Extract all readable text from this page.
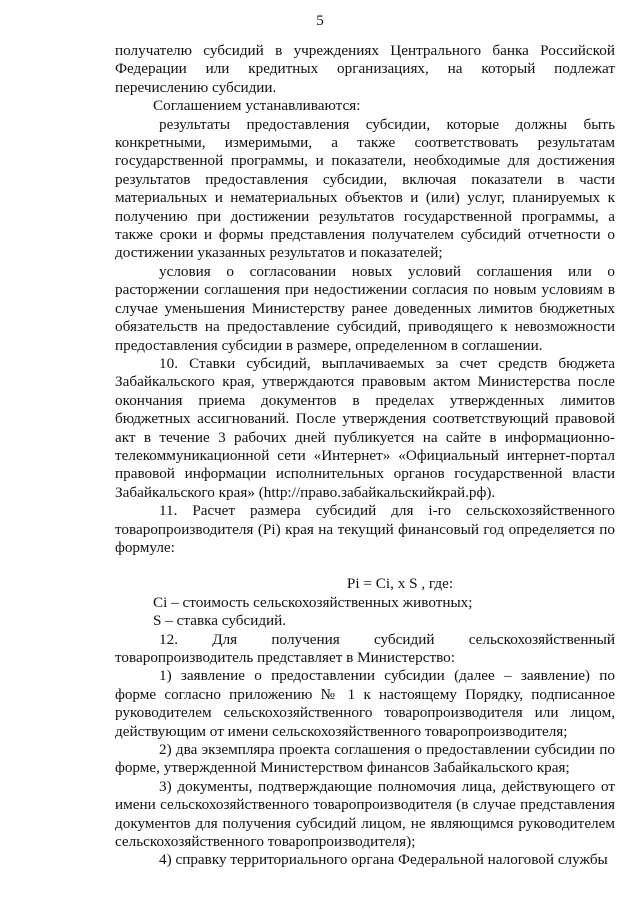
5

получателю субсидий в учреждениях Центрального банка Российской Федерации или кредитных организациях, на который подлежат перечислению субсидии.

Соглашением устанавливаются:

результаты предоставления субсидии, которые должны быть конкретными, измеримыми, а также соответствовать результатам государственной программы, и показатели, необходимые для достижения результатов предоставления субсидии, включая показатели в части материальных и нематериальных объектов и (или) услуг, планируемых к получению при достижении результатов государственной программы, а также сроки и формы представления получателем субсидий отчетности о достижении указанных результатов и показателей;

условия о согласовании новых условий соглашения или о расторжении соглашения при недостижении согласия по новым условиям в случае уменьшения Министерству ранее доведенных лимитов бюджетных обязательств на предоставление субсидий, приводящего к невозможности предоставления субсидии в размере, определенном в соглашении.

10. Ставки субсидий, выплачиваемых за счет средств бюджета Забайкальского края, утверждаются правовым актом Министерства после окончания приема документов в пределах утвержденных лимитов бюджетных ассигнований. После утверждения соответствующий правовой акт в течение 3 рабочих дней публикуется на сайте в информационно-телекоммуникационной сети «Интернет» «Официальный интернет-портал правовой информации исполнительных органов государственной власти Забайкальского края» (http://право.забайкальскийкрай.рф).

11. Расчет размера субсидий для i-го сельскохозяйственного товаропроизводителя (Pi) края на текущий финансовый год определяется по формуле:

Pi = Ci, x S , где:

Ci – стоимость сельскохозяйственных животных;

S – ставка субсидий.

12. Для получения субсидий сельскохозяйственный товаропроизводитель представляет в Министерство:

1) заявление о предоставлении субсидии (далее – заявление) по форме согласно приложению № 1 к настоящему Порядку, подписанное руководителем сельскохозяйственного товаропроизводителя или лицом, действующим от имени сельскохозяйственного товаропроизводителя;

2) два экземпляра проекта соглашения о предоставлении субсидии по форме, утвержденной Министерством финансов Забайкальского края;

3) документы, подтверждающие полномочия лица, действующего от имени сельскохозяйственного товаропроизводителя (в случае представления документов для получения субсидий лицом, не являющимся руководителем сельскохозяйственного товаропроизводителя);

4) справку территориального органа Федеральной налоговой службы
